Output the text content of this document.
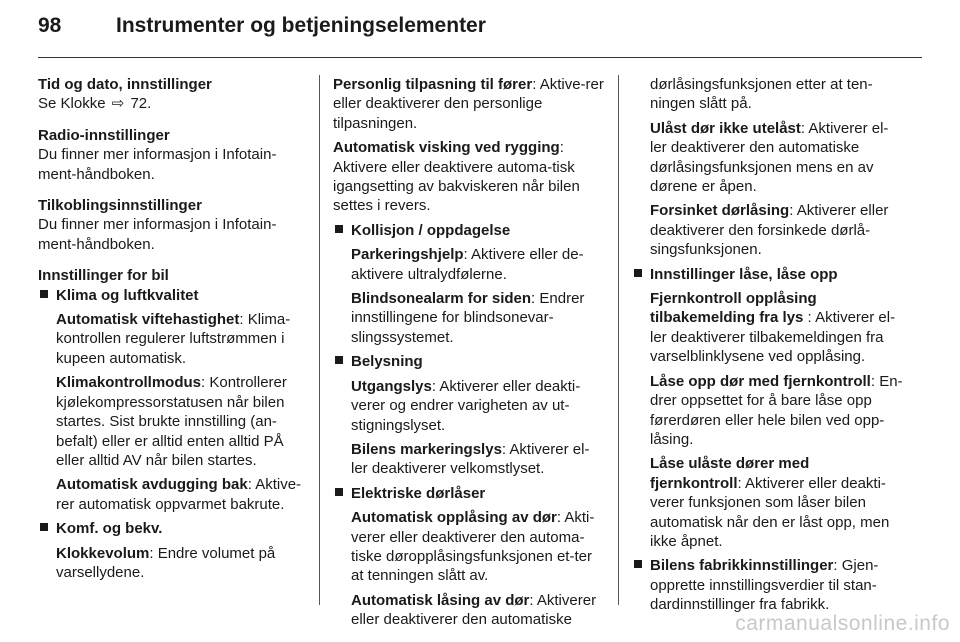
98	Instrumenter og betjeningselementer

Tid og dato, innstillinger

Se Klokke ⇨ 72.

Radio-innstillinger

Du finner mer informasjon i Infotain-ment-håndboken.

Tilkoblingsinnstillinger

Du finner mer informasjon i Infotain-ment-håndboken.

Innstillinger for bil

Klima og luftkvalitet

Automatisk viftehastighet: Klima-kontrollen regulerer luftstrømmen i kupeen automatisk.

Klimakontrollmodus: Kontrollerer kjølekompressorstatusen når bilen startes. Sist brukte innstilling (an-befalt) eller er alltid enten alltid PÅ eller alltid AV når bilen startes.

Automatisk avdugging bak: Aktive-rer automatisk oppvarmet bakrute.

Komf. og bekv.

Klokkevolum: Endre volumet på varsellydene.

Personlig tilpasning til fører: Aktive-rer eller deaktiverer den personlige tilpasningen.

Automatisk visking ved rygging: Aktivere eller deaktivere automa-tisk igangsetting av bakviskeren når bilen settes i revers.

Kollisjon / oppdagelse

Parkeringshjelp: Aktivere eller de-aktivere ultralydfølerne.

Blindsonealarm for siden: Endrer innstillingene for blindsonevar-slingssystemet.

Belysning

Utgangslys: Aktiverer eller deakti-verer og endrer varigheten av ut-stigningslyset.

Bilens markeringslys: Aktiverer el-ler deaktiverer velkomstlyset.

Elektriske dørlåser

Automatisk opplåsing av dør: Akti-verer eller deaktiverer den automa-tiske døropplåsingsfunksjonen et-ter at tenningen slått av.

Automatisk låsing av dør: Aktiverer eller deaktiverer den automatiske

dørlåsingsfunksjonen etter at ten-ningen slått på.

Ulåst dør ikke utelåst: Aktiverer el-ler deaktiverer den automatiske dørlåsingsfunksjonen mens en av dørene er åpen.

Forsinket dørlåsing: Aktiverer eller deaktiverer den forsinkede dørlå-singsfunksjonen.

Innstillinger låse, låse opp

Fjernkontroll opplåsing tilbakemelding fra lys : Aktiverer el-ler deaktiverer tilbakemeldingen fra varselblinklysene ved opplåsing.

Låse opp dør med fjernkontroll: En-drer oppsettet for å bare låse opp førerdøren eller hele bilen ved opp-låsing.

Låse ulåste dører med fjernkontroll: Aktiverer eller deakti-verer funksjonen som låser bilen automatisk når den er låst opp, men ikke åpnet.

Bilens fabrikkinnstillinger: Gjen-opprette innstillingsverdier til stan-dardinnstillinger fra fabrikk.
carmanualsonline.info
